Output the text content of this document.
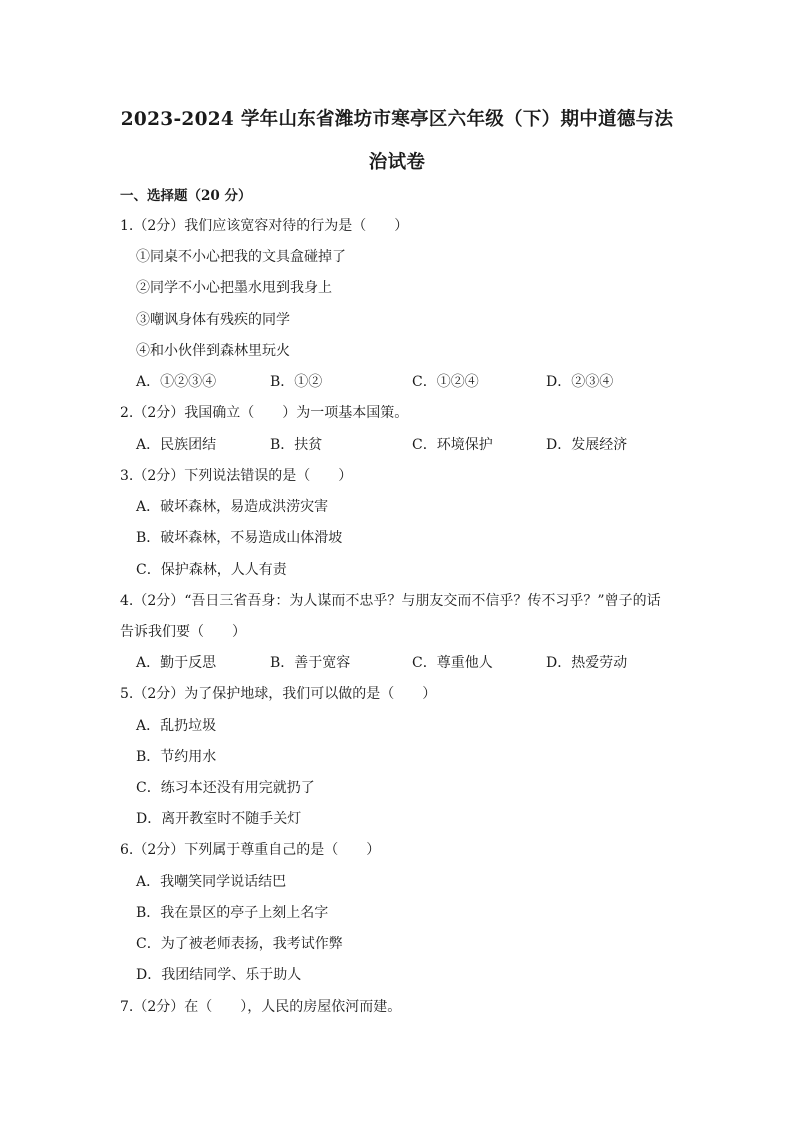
2023-2024 学年山东省潍坊市寒亭区六年级（下）期中道德与法
治试卷
一、选择题（20 分）
1.（2分）我们应该宽容对待的行为是（　　）
①同桌不小心把我的文具盒碰掉了
②同学不小心把墨水甩到我身上
③嘲讽身体有残疾的同学
④和小伙伴到森林里玩火
A．①②③④	B．①②	C．①②④	D．②③④
2.（2分）我国确立（　　）为一项基本国策。
A．民族团结	B．扶贫	C．环境保护	D．发展经济
3.（2分）下列说法错误的是（　　）
A．破坏森林，易造成洪涝灾害
B．破坏森林，不易造成山体滑坡
C．保护森林，人人有责
4.（2分）“吾日三省吾身：为人谋而不忠乎？与朋友交而不信乎？传不习乎？”曾子的话
告诉我们要（　　）
A．勤于反思	B．善于宽容	C．尊重他人	D．热爱劳动
5.（2分）为了保护地球，我们可以做的是（　　）
A．乱扔垃圾
B．节约用水
C．练习本还没有用完就扔了
D．离开教室时不随手关灯
6.（2分）下列属于尊重自己的是（　　）
A．我嘲笑同学说话结巴
B．我在景区的亭子上刻上名字
C．为了被老师表扬，我考试作弊
D．我团结同学、乐于助人
7.（2分）在（　　），人民的房屋依河而建。
